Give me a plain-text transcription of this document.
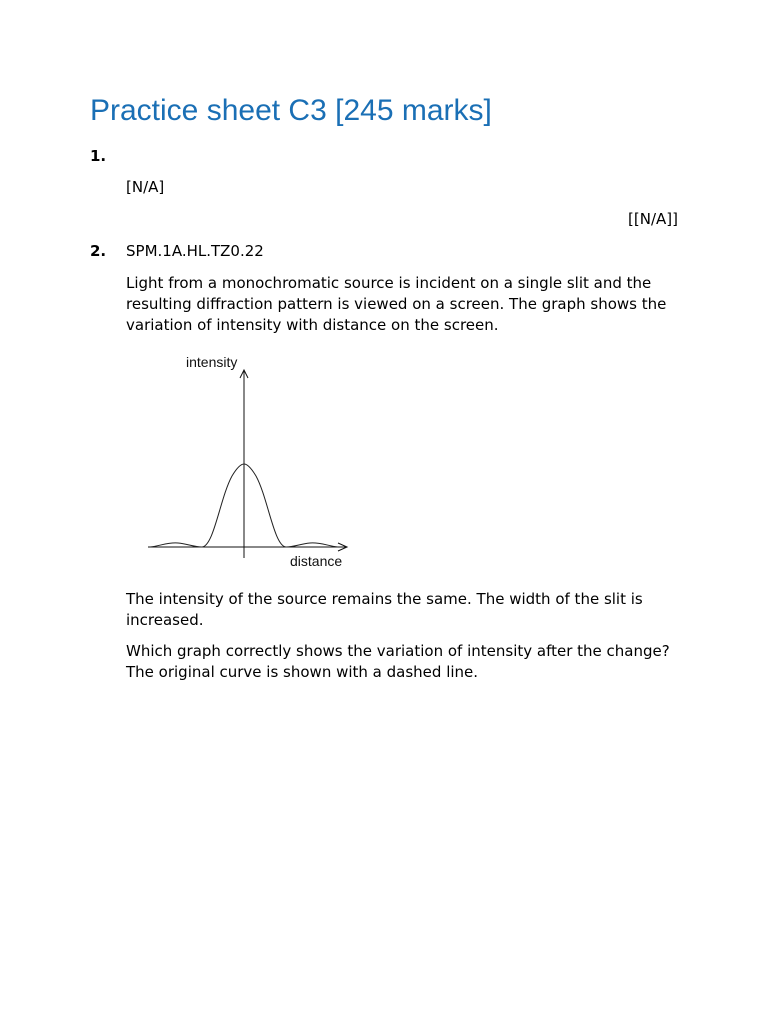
Practice sheet C3 [245 marks]
1.
[N/A]
[[N/A]]
2. SPM.1A.HL.TZ0.22

Light from a monochromatic source is incident on a single slit and the resulting diffraction pattern is viewed on a screen. The graph shows the variation of intensity with distance on the screen.

intensity
distance

The intensity of the source remains the same. The width of the slit is increased.

Which graph correctly shows the variation of intensity after the change? The original curve is shown with a dashed line.
